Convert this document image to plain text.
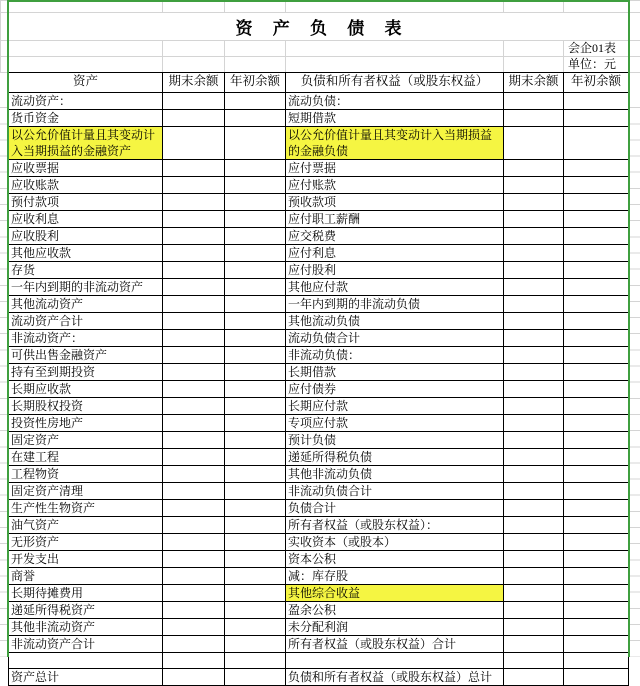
	资 产 负 债 表						
						会企01表	
						单位：元	
资产	期末余额	年初余额	负债和所有者权益（或股东权益）	期末余额	年初余额
流动资产：			流动负债：		
货币资金			短期借款		
以公允价值计量且其变动计入当期损益的金融资产			以公允价值计量且其变动计入当期损益的金融负债		
应收票据			应付票据		
应收账款			应付账款		
预付款项			预收款项		
应收利息			应付职工薪酬		
应收股利			应交税费		
其他应收款			应付利息		
存货			应付股利		
一年内到期的非流动资产			其他应付款		
其他流动资产			一年内到期的非流动负债		
流动资产合计			其他流动负债		
非流动资产：			流动负债合计		
可供出售金融资产			非流动负债：		
持有至到期投资			长期借款		
长期应收款			应付债券		
长期股权投资			长期应付款		
投资性房地产			专项应付款		
固定资产			预计负债		
在建工程			递延所得税负债		
工程物资			其他非流动负债		
固定资产清理			非流动负债合计		
生产性生物资产			负债合计		
油气资产			所有者权益（或股东权益）：		
无形资产			实收资本（或股本）		
开发支出			资本公积		
商誉			减：库存股		
长期待摊费用			其他综合收益		
递延所得税资产			盈余公积		
其他非流动资产			未分配利润		
非流动资产合计			所有者权益（或股东权益）合计		

资产总计			负债和所有者权益（或股东权益）总计		
